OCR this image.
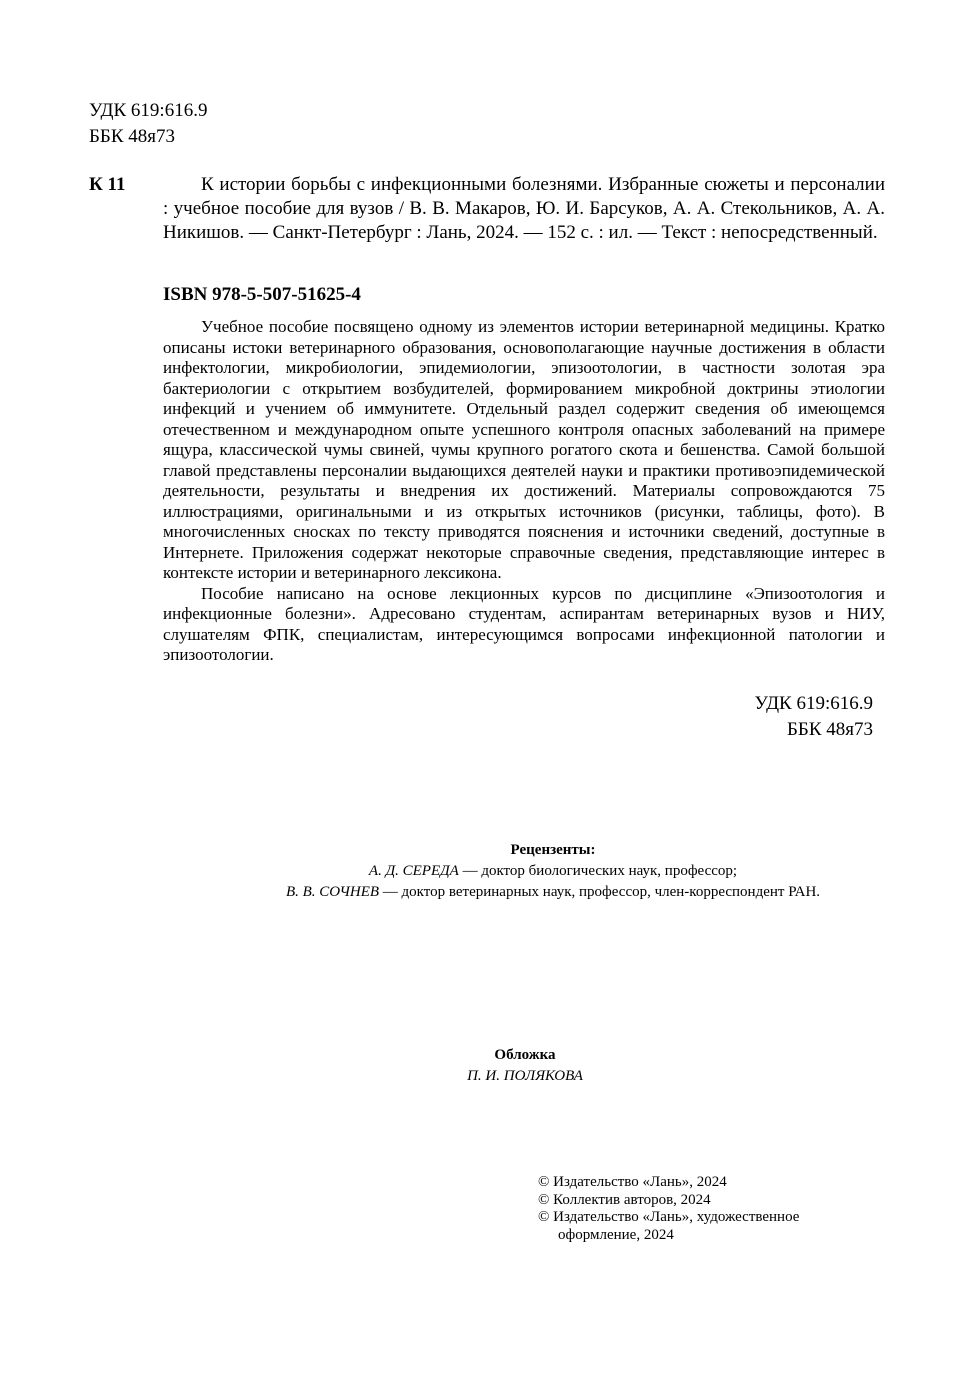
УДК 619:616.9
ББК 48я73
К 11	К истории борьбы с инфекционными болезнями. Избранные сюжеты и персоналии : учебное пособие для вузов / В. В. Макаров, Ю. И. Барсуков, А. А. Стекольников, А. А. Никишов. — Санкт-Петербург : Лань, 2024. — 152 с. : ил. — Текст : непосредственный.
ISBN 978-5-507-51625-4

Учебное пособие посвящено одному из элементов истории ветеринарной медицины. Кратко описаны истоки ветеринарного образования, основополагающие научные достижения в области инфектологии, микробиологии, эпидемиологии, эпизоотологии, в частности золотая эра бактериологии с открытием возбудителей, формированием микробной доктрины этиологии инфекций и учением об иммунитете. Отдельный раздел содержит сведения об имеющемся отечественном и международном опыте успешного контроля опасных заболеваний на примере ящура, классической чумы свиней, чумы крупного рогатого скота и бешенства. Самой большой главой представлены персоналии выдающихся деятелей науки и практики противоэпидемической деятельности, результаты и внедрения их достижений. Материалы сопровождаются 75 иллюстрациями, оригинальными и из открытых источников (рисунки, таблицы, фото). В многочисленных сносках по тексту приводятся пояснения и источники сведений, доступные в Интернете. Приложения содержат некоторые справочные сведения, представляющие интерес в контексте истории и ветеринарного лексикона.

Пособие написано на основе лекционных курсов по дисциплине «Эпизоотология и инфекционные болезни». Адресовано студентам, аспирантам ветеринарных вузов и НИУ, слушателям ФПК, специалистам, интересующимся вопросами инфекционной патологии и эпизоотологии.

УДК 619:616.9
ББК 48я73
Рецензенты:
А. Д. СЕРЕДА — доктор биологических наук, профессор;
В. В. СОЧНЕВ — доктор ветеринарных наук, профессор, член-корреспондент РАН.
Обложка
П. И. ПОЛЯКОВА
© Издательство «Лань», 2024
© Коллектив авторов, 2024
© Издательство «Лань», художественное
оформление, 2024
